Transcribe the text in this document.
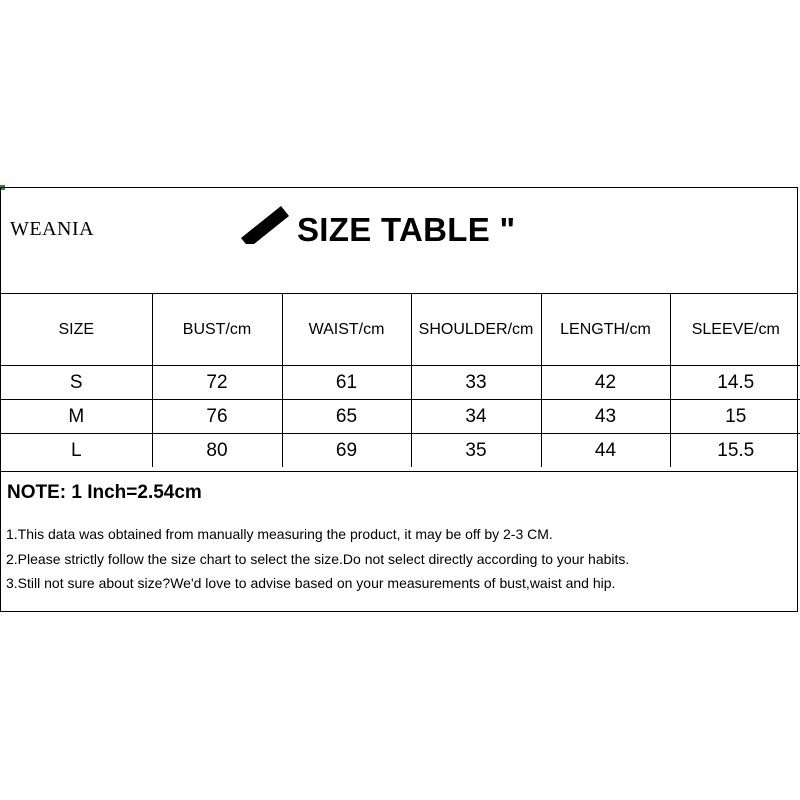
WEANIA	SIZE TABLE "
SIZE	BUST/cm	WAIST/cm	SHOULDER/cm	LENGTH/cm	SLEEVE/cm
S	72	61	33	42	14.5
M	76	65	34	43	15
L	80	69	35	44	15.5
NOTE: 1 Inch=2.54cm
1.This data was obtained from manually measuring the product, it may be off by 2-3 CM.
2.Please strictly follow the size chart to select the size.Do not select directly according to your habits.
3.Still not sure about size?We'd love to advise based on your measurements of bust,waist and hip.
